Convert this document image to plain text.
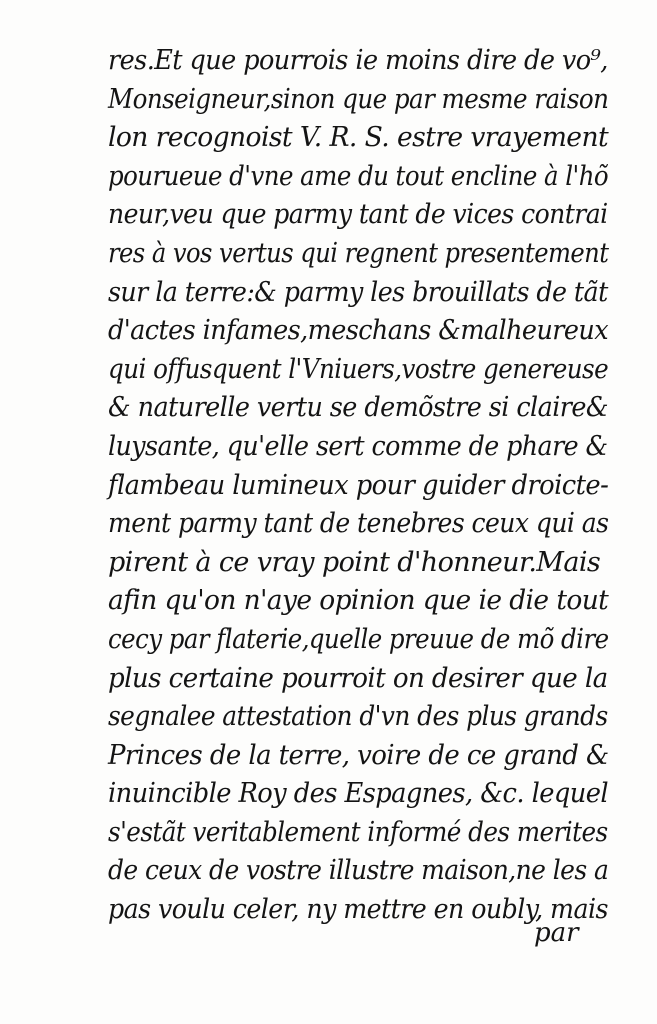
res.Et que pourrois ie moins dire de vo⁹,
Monseigneur,sinon que par mesme raison
lon recognoist V. R. S. estre vrayement
pourueue d'vne ame du tout encline à l'hõ
neur,veu que parmy tant de vices contrai
res à vos vertus qui regnent presentement
sur la terre:& parmy les brouillats de tãt
d'actes infames,meschans &malheureux
qui offusquent l'Vniuers,vostre genereuse
& naturelle vertu se demõstre si claire&
luysante, qu'elle sert comme de phare &
flambeau lumineux pour guider droicte-
ment parmy tant de tenebres ceux qui as
pirent à ce vray point d'honneur.Mais
afin qu'on n'aye opinion que ie die tout
cecy par flaterie,quelle preuue de mõ dire
plus certaine pourroit on desirer que la
segnalee attestation d'vn des plus grands
Princes de la terre, voire de ce grand &
inuincible Roy des Espagnes, &c. lequel
s'estãt veritablement informé des merites
de ceux de vostre illustre maison,ne les a
pas voulu celer, ny mettre en oubly, mais
par
